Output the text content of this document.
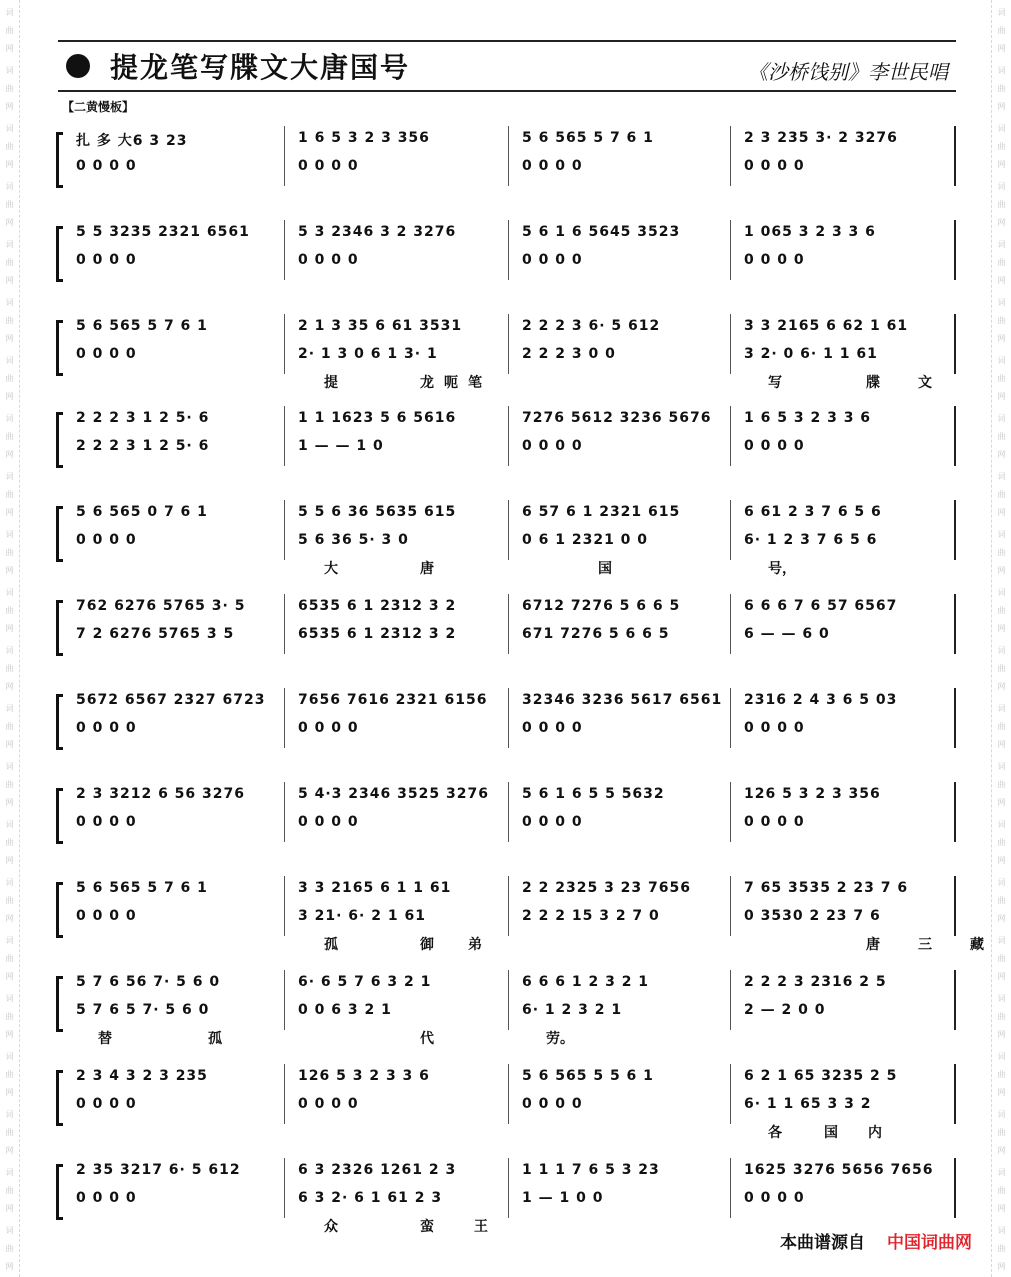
词
曲
网
词
曲
网
词
曲
网
词
曲
网
词
曲
网
词
曲
网
词
曲
网
词
曲
网
词
曲
网
词
曲
网
词
曲
网
词
曲
网
词
曲
网
词
曲
网
词
曲
网
词
曲
网
词
曲
网
词
曲
网
词
曲
网
词
曲
网
词
曲
网
词
曲
网
词
曲
网
词
曲
网
词
曲
网
词
曲
网
词
曲
网
词
曲
网
词
曲
网
词
曲
网
词
曲
网
词
曲
网
词
曲
网
词
曲
网
词
曲
网
词
曲
网
词
曲
网
词
曲
网
词
曲
网
词
曲
网
词
曲
网
词
曲
网
词
曲
网
词
曲
网
提龙笔写牒文大唐国号	《沙桥饯别》李世民唱
【二黄慢板】
扎 多 大6 3 23	1 6 5 3 2 3 356	5 6 565 5 7 6 1	2 3 235 3· 2 3276
0 0 0 0	0 0 0 0	0 0 0 0	0 0 0 0
5 5 3235 2321 6561	5 3 2346 3 2 3276	5 6 1 6 5645 3523	1 065 3 2 3 3 6
0 0 0 0	0 0 0 0	0 0 0 0	0 0 0 0
5 6 565 5 7 6 1	2 1 3 35 6 61 3531	2 2 2 3 6· 5 612	3 3 2165 6 62 1 61
0 0 0 0	2· 1 3 0 6 1 3· 1	2 2 2 3 0 0	3 2· 0 6· 1 1 61
提	龙 呃 笔	写	牒	文
2 2 2 3 1 2 5· 6	1 1 1623 5 6 5616	7276 5612 3236 5676	1 6 5 3 2 3 3 6
2 2 2 3 1 2 5· 6	1 — — 1 0	0 0 0 0	0 0 0 0
5 6 565 0 7 6 1	5 5 6 36 5635 615	6 57 6 1 2321 615	6 61 2 3 7 6 5 6
0 0 0 0	5 6 36 5· 3 0	0 6 1 2321 0 0	6· 1 2 3 7 6 5 6
大	唐	国	号，
762 6276 5765 3· 5	6535 6 1 2312 3 2	6712 7276 5 6 6 5	6 6 6 7 6 57 6567
7 2 6276 5765 3 5	6535 6 1 2312 3 2	671 7276 5 6 6 5	6 — — 6 0
5672 6567 2327 6723	7656 7616 2321 6156	32346 3236 5617 6561	2316 2 4 3 6 5 03
0 0 0 0	0 0 0 0	0 0 0 0	0 0 0 0
2 3 3212 6 56 3276	5 4·3 2346 3525 3276	5 6 1 6 5 5 5632	126 5 3 2 3 356
0 0 0 0	0 0 0 0	0 0 0 0	0 0 0 0
5 6 565 5 7 6 1	3 3 2165 6 1 1 61	2 2 2325 3 23 7656	7 65 3535 2 23 7 6
0 0 0 0	3 21· 6· 2 1 61	2 2 2 15 3 2 7 0	0 3530 2 23 7 6
孤	御 弟	唐	三	藏
5 7 6 56 7· 5 6 0	6· 6 5 7 6 3 2 1	6 6 6 1 2 3 2 1	2 2 2 3 2316 2 5
5 7 6 5 7· 5 6 0	0 0 6 3 2 1	6· 1 2 3 2 1	2 — 2 0 0
替	孤	代	劳。
2 3 4 3 2 3 235	126 5 3 2 3 3 6	5 6 565 5 5 6 1	6 2 1 65 3235 2 5
0 0 0 0	0 0 0 0	0 0 0 0	6· 1 1 65 3 3 2
各	国 内
2 35 3217 6· 5 612	6 3 2326 1261 2 3	1 1 1 7 6 5 3 23	1625 3276 5656 7656
0 0 0 0	6 3 2· 6 1 61 2 3	1 — 1 0 0	0 0 0 0
众	蛮	王
本曲谱源自 中国词曲网
